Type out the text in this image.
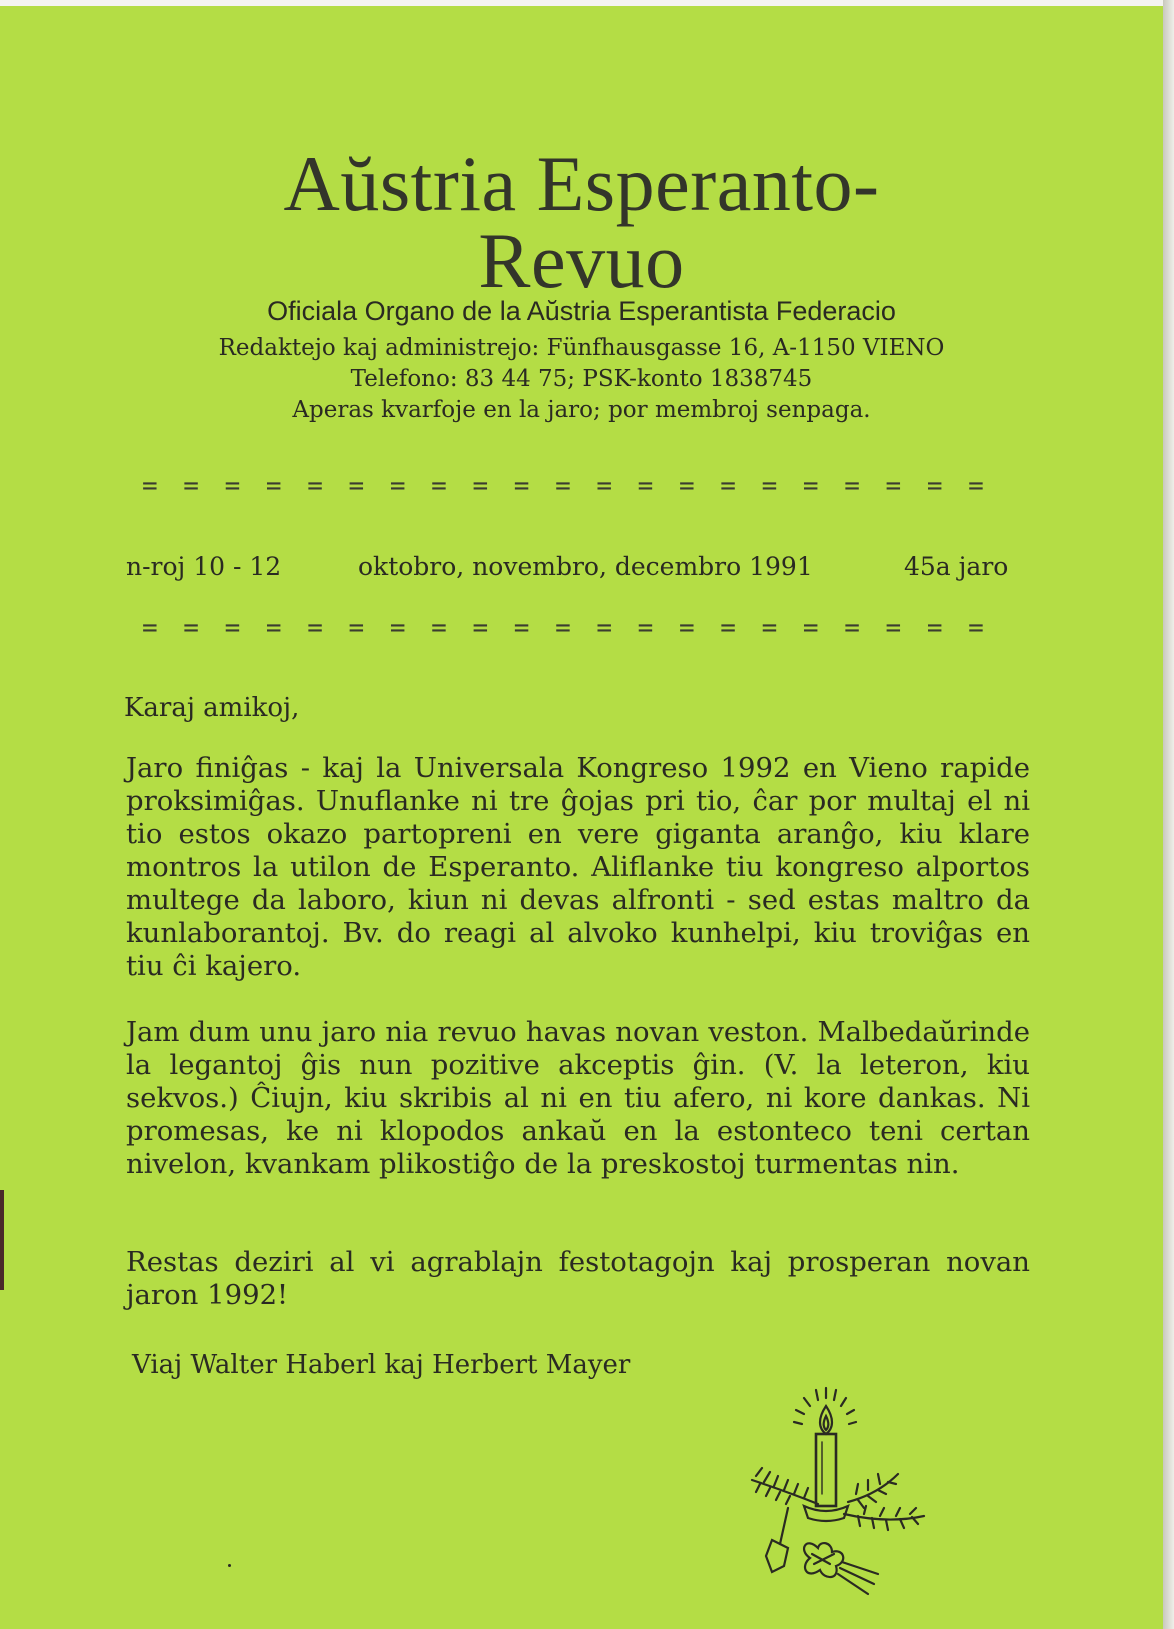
Aŭstria Esperanto-
Revuo
Oficiala Organo de la Aŭstria Esperantista Federacio
Redaktejo kaj administrejo: Fünfhausgasse 16, A-1150 VIENO
Telefono: 83 44 75; PSK-konto 1838745
Aperas kvarfoje en la jaro; por membroj senpaga.
= = = = = = = = = = = = = = = = = = = = =
n-roj 10 - 12	oktobro, novembro, decembro 1991	45a jaro
= = = = = = = = = = = = = = = = = = = = =
Karaj amikoj,

Jaro finiĝas - kaj la Universala Kongreso 1992 en Vieno rapide proksimiĝas. Unuflanke ni tre ĝojas pri tio, ĉar por multaj el ni tio estos okazo partopreni en vere giganta aranĝo, kiu klare montros la utilon de Esperanto. Aliflanke tiu kongreso alportos multege da laboro, kiun ni devas alfronti - sed estas maltro da kunlaborantoj. Bv. do reagi al alvoko kunhelpi, kiu troviĝas en tiu ĉi kajero.

Jam dum unu jaro nia revuo havas novan veston. Malbedaŭrinde la legantoj ĝis nun pozitive akceptis ĝin. (V. la leteron, kiu sekvos.) Ĉiujn, kiu skribis al ni en tiu afero, ni kore dankas. Ni promesas, ke ni klopodos ankaŭ en la estonteco teni certan nivelon, kvankam plikostiĝo de la preskostoj turmentas nin.

Restas deziri al vi agrablajn festotagojn kaj prosperan novan jaron 1992!

Viaj Walter Haberl kaj Herbert Mayer
